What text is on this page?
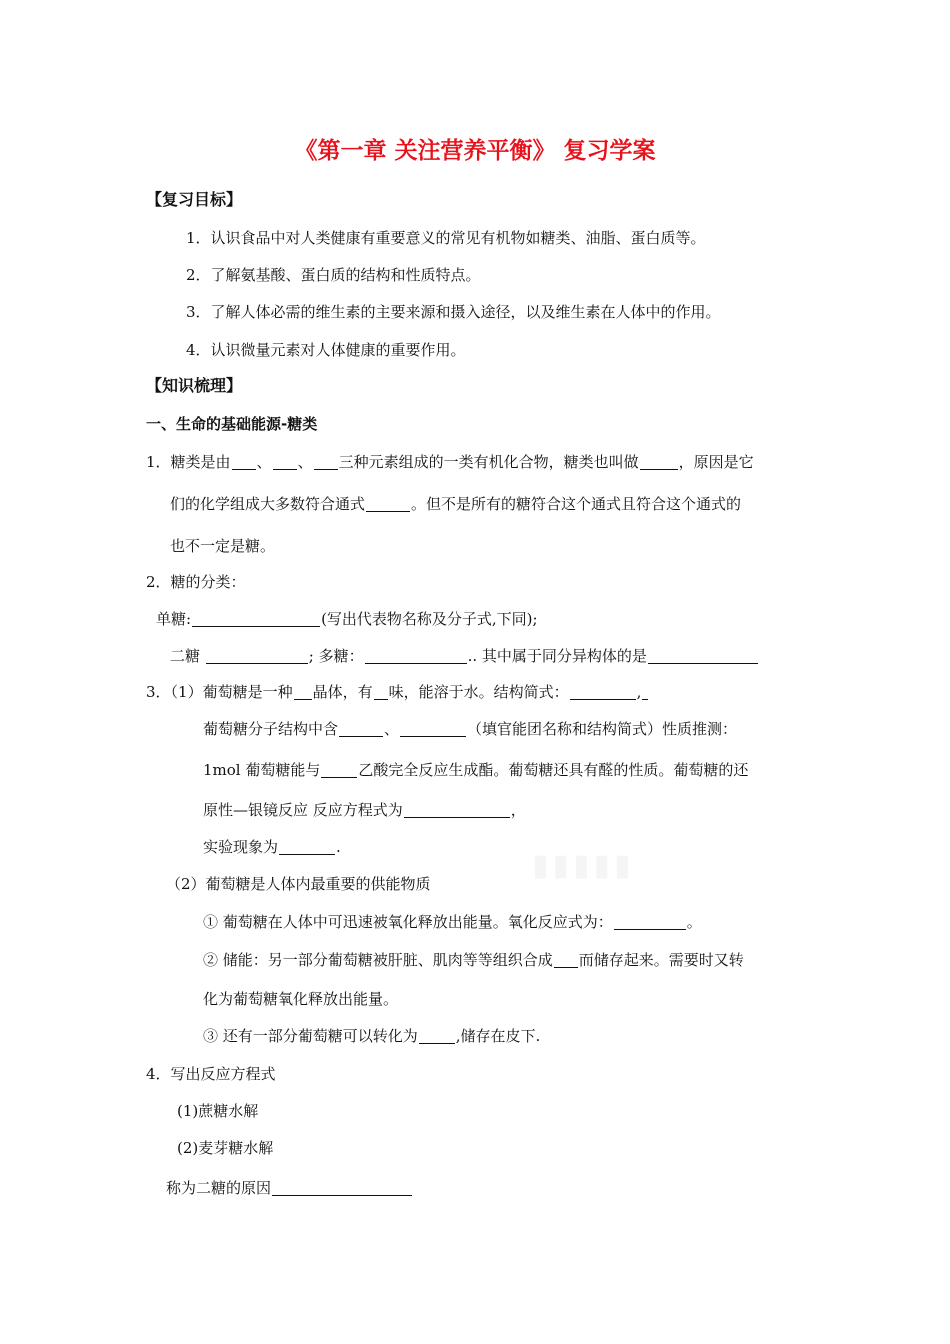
《第一章 关注营养平衡》 复习学案
【复习目标】
1．认识食品中对人类健康有重要意义的常见有机物如糖类、油脂、蛋白质等。
2．了解氨基酸、蛋白质的结构和性质特点。
3．了解人体必需的维生素的主要来源和摄入途径，以及维生素在人体中的作用。
4．认识微量元素对人体健康的重要作用。
【知识梳理】
一、生命的基础能源-糖类
1．糖类是由 、 、 三种元素组成的一类有机化合物，糖类也叫做	，原因是它
们的化学组成大多数符合通式	。但不是所有的糖符合这个通式且符合这个通式的
也不一定是糖。
2．糖的分类：
单糖:	(写出代表物名称及分子式,下同);
二糖	; 多糖：	.. 其中属于同分异构体的是
3．（1）葡萄糖是一种 晶体，有 味，能溶于水。结构简式：	,
葡萄糖分子结构中含	、	（填官能团名称和结构简式）性质推测：
1mol 葡萄糖能与	乙酸完全反应生成酯。葡萄糖还具有醛的性质。葡萄糖的还
原性—银镜反应 反应方程式为	，
实验现象为	.
（2）葡萄糖是人体内最重要的供能物质
① 葡萄糖在人体中可迅速被氧化释放出能量。氧化反应式为：	。
② 储能：另一部分葡萄糖被肝脏、肌肉等等组织合成 而储存起来。需要时又转
化为葡萄糖氧化释放出能量。
③ 还有一部分葡萄糖可以转化为	,储存在皮下.
4．写出反应方程式
(1)蔗糖水解
(2)麦芽糖水解
称为二糖的原因
